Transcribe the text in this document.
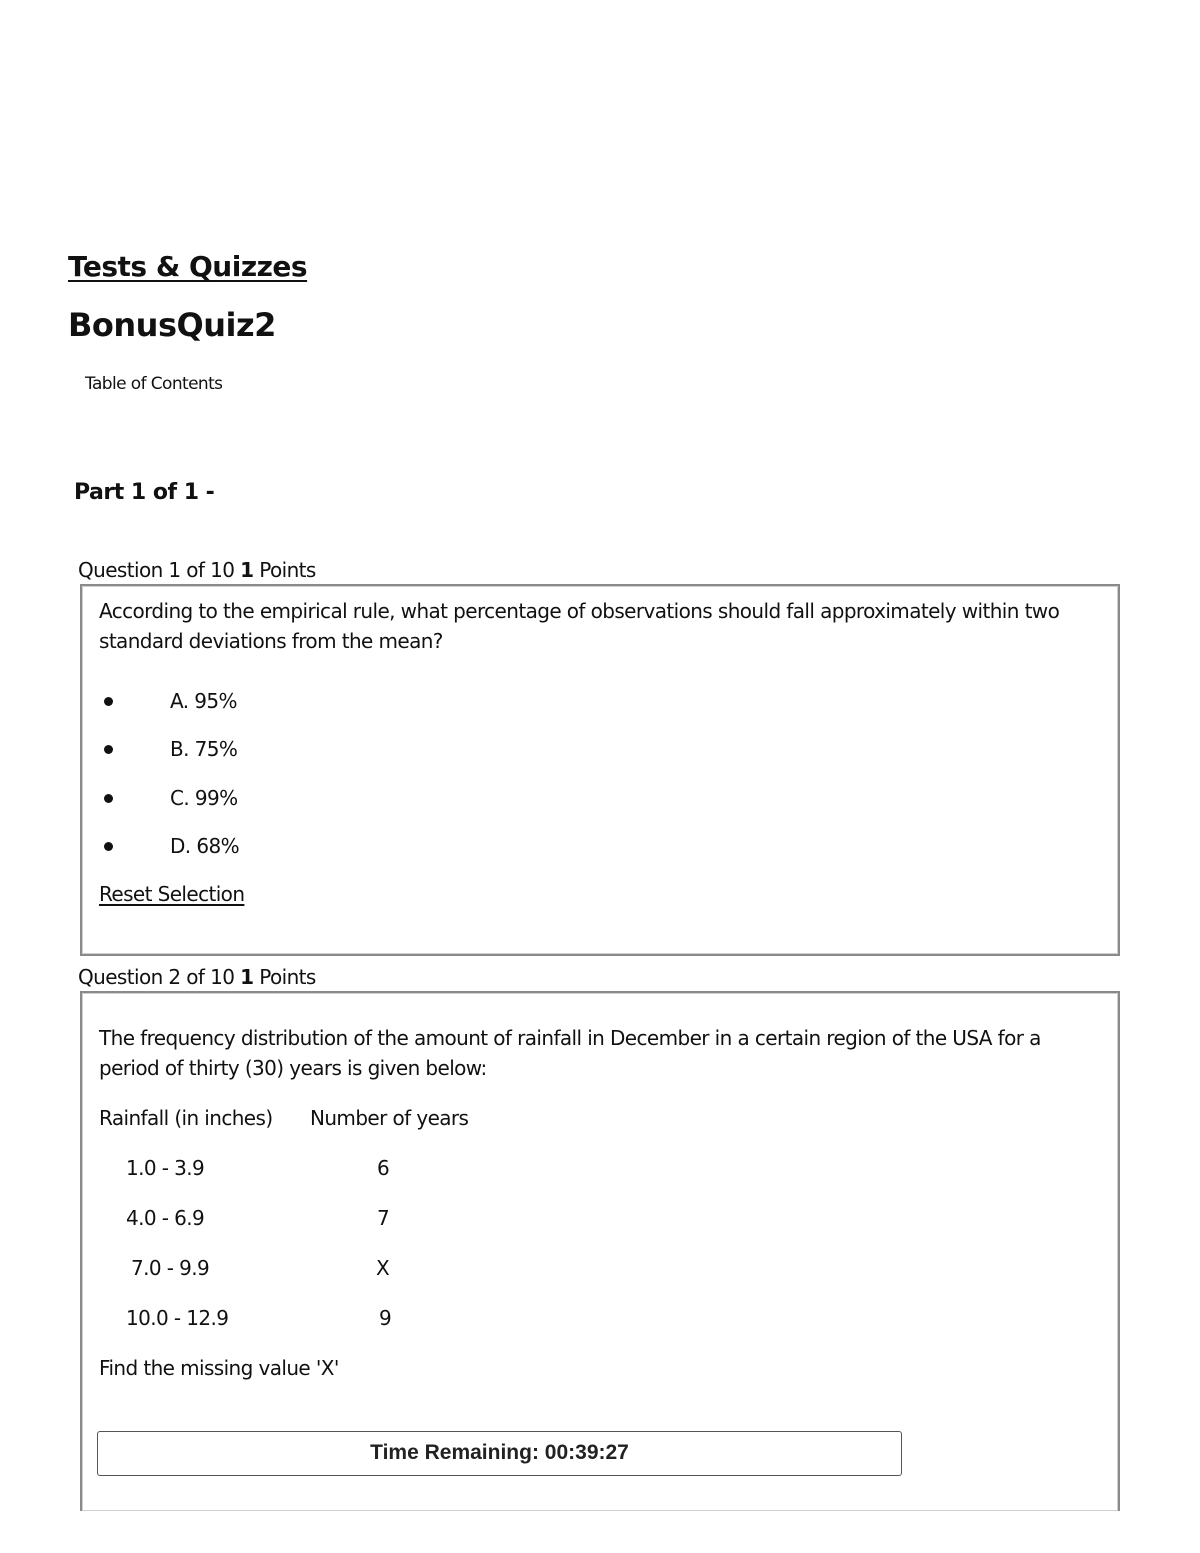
Tests & Quizzes
BonusQuiz2
Table of Contents
Part 1 of 1 -
Question 1 of 10 1 Points

According to the empirical rule, what percentage of observations should fall approximately within two standard deviations from the mean?

A. 95%
B. 75%
C. 99%
D. 68%
Reset Selection
Question 2 of 10 1 Points

The frequency distribution of the amount of rainfall in December in a certain region of the USA for a period of thirty (30) years is given below:

Rainfall (in inches) Number of years
1.0 - 3.9	6
4.0 - 6.9	7
7.0 - 9.9	X
10.0 - 12.9	9
Find the missing value 'X'
Time Remaining: 00:39:27
